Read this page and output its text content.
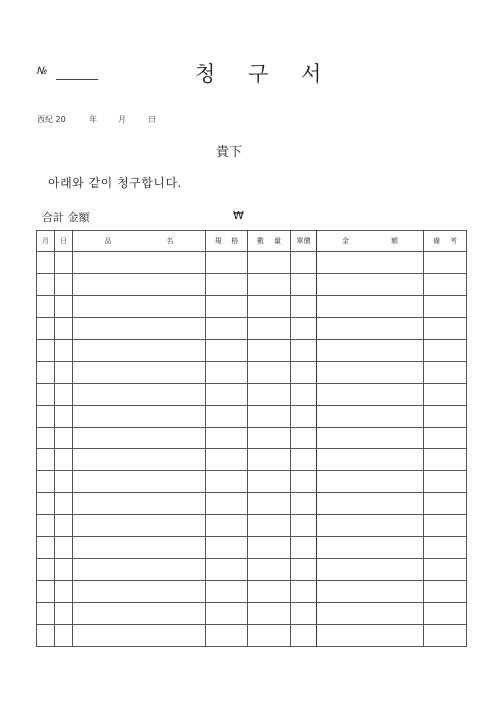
№	청 구 서
西紀 20	年	月	日
貴下
아래와 같이 청구합니다.
合計 金額	₩
月	日	品 名	規 格	數 量	單價	金 額	備 考
